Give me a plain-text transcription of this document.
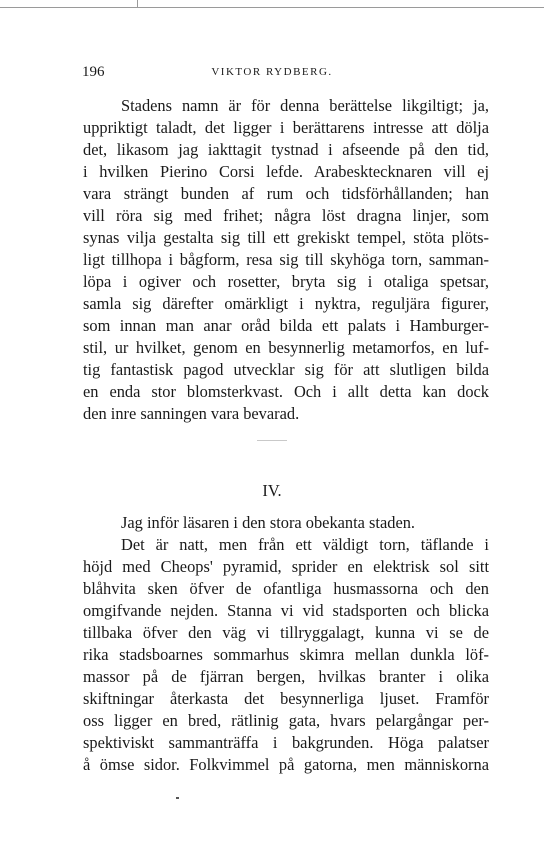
196	VIKTOR RYDBERG.
Stadens namn är för denna berättelse likgiltigt; ja,
uppriktigt taladt, det ligger i berättarens intresse att dölja
det, likasom jag iakttagit tystnad i afseende på den tid,
i hvilken Pierino Corsi lefde. Arabesktecknaren vill ej
vara strängt bunden af rum och tidsförhållanden; han
vill röra sig med frihet; några löst dragna linjer, som
synas vilja gestalta sig till ett grekiskt tempel, stöta plöts-
ligt tillhopa i bågform, resa sig till skyhöga torn, samman-
löpa i ogiver och rosetter, bryta sig i otaliga spetsar,
samla sig därefter omärkligt i nyktra, reguljära figurer,
som innan man anar oråd bilda ett palats i Hamburger-
stil, ur hvilket, genom en besynnerlig metamorfos, en luf-
tig fantastisk pagod utvecklar sig för att slutligen bilda
en enda stor blomsterkvast. Och i allt detta kan dock
den inre sanningen vara bevarad.
IV.
Jag inför läsaren i den stora obekanta staden.
Det är natt, men från ett väldigt torn, täflande i
höjd med Cheops' pyramid, sprider en elektrisk sol sitt
blåhvita sken öfver de ofantliga husmassorna och den
omgifvande nejden. Stanna vi vid stadsporten och blicka
tillbaka öfver den väg vi tillryggalagt, kunna vi se de
rika stadsboarnes sommarhus skimra mellan dunkla löf-
massor på de fjärran bergen, hvilkas branter i olika
skiftningar återkasta det besynnerliga ljuset. Framför
oss ligger en bred, rätlinig gata, hvars pelargångar per-
spektiviskt sammanträffa i bakgrunden. Höga palatser
å ömse sidor. Folkvimmel på gatorna, men människorna
